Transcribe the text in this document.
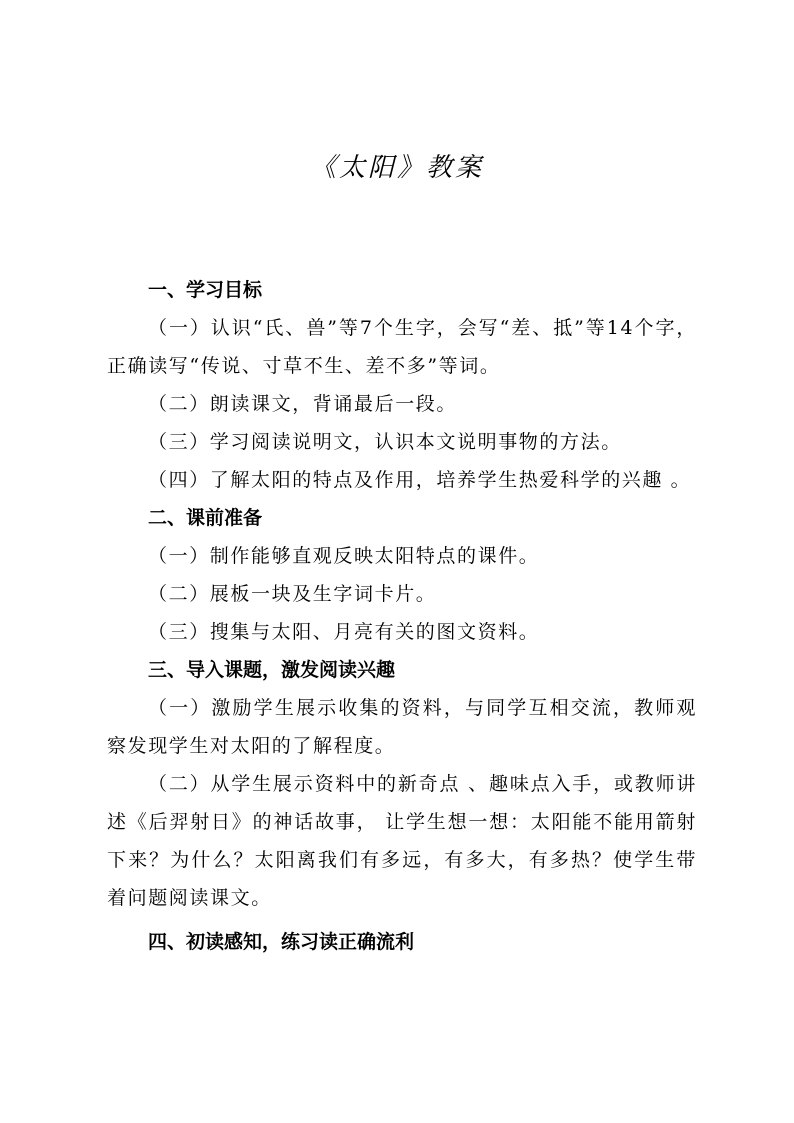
《太阳》教案

一、学习目标

（一）认识“氏、兽”等7个生字，会写“差、抵”等14个字，正确读写“传说、寸草不生、差不多”等词。

（二）朗读课文，背诵最后一段。

（三）学习阅读说明文，认识本文说明事物的方法。

（四）了解太阳的特点及作用，培养学生热爱科学的兴趣 。

二、课前准备

（一）制作能够直观反映太阳特点的课件。

（二）展板一块及生字词卡片。

（三）搜集与太阳、月亮有关的图文资料。

三、导入课题，激发阅读兴趣

（一）激励学生展示收集的资料，与同学互相交流，教师观察发现学生对太阳的了解程度。

（二）从学生展示资料中的新奇点 、趣味点入手，或教师讲述《后羿射日》的神话故事， 让学生想一想：太阳能不能用箭射下来？为什么？太阳离我们有多远，有多大，有多热？使学生带着问题阅读课文。

四、初读感知，练习读正确流利
